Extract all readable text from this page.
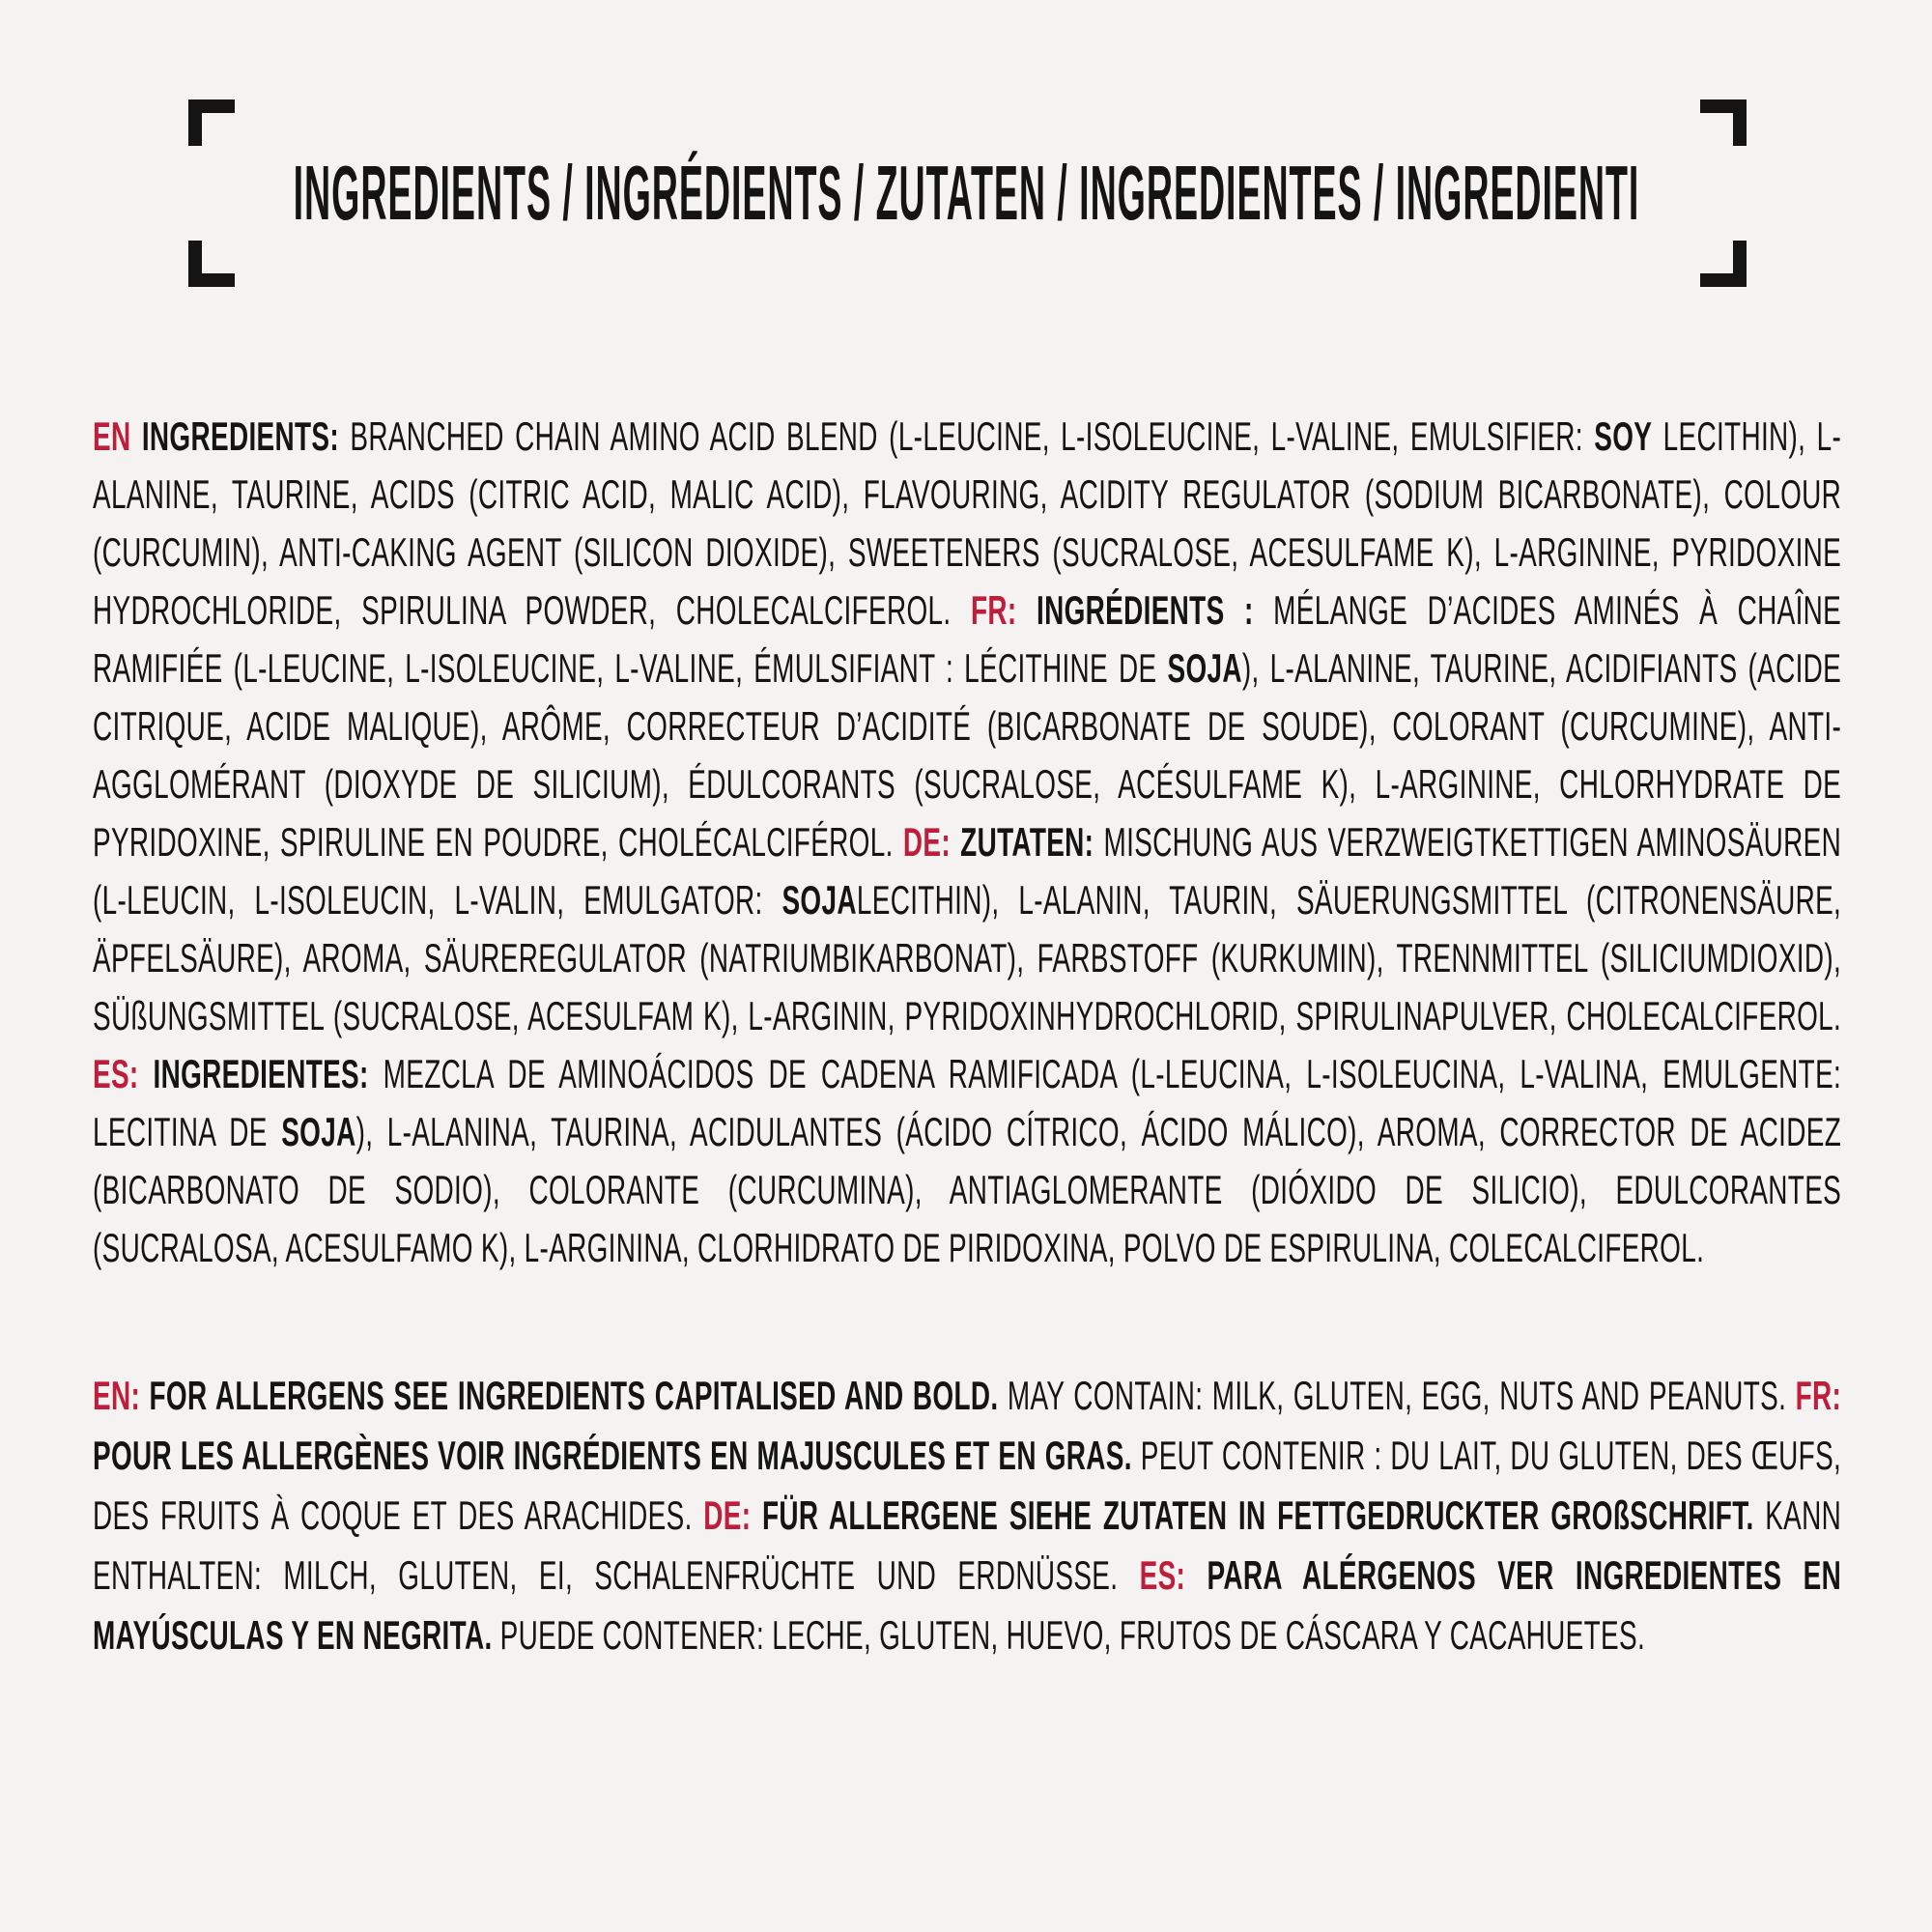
INGREDIENTS / INGRÉDIENTS / ZUTATEN / INGREDIENTES / INGREDIENTI

EN INGREDIENTS: BRANCHED CHAIN AMINO ACID BLEND (L-LEUCINE, L-ISOLEUCINE, L-VALINE, EMULSIFIER: SOY LECITHIN), L-ALANINE, TAURINE, ACIDS (CITRIC ACID, MALIC ACID), FLAVOURING, ACIDITY REGULATOR (SODIUM BICARBONATE), COLOUR (CURCUMIN), ANTI-CAKING AGENT (SILICON DIOXIDE), SWEETENERS (SUCRALOSE, ACESULFAME K), L-ARGININE, PYRIDOXINE HYDROCHLORIDE, SPIRULINA POWDER, CHOLECALCIFEROL. FR: INGRÉDIENTS : MÉLANGE D’ACIDES AMINÉS À CHAÎNE RAMIFIÉE (L-LEUCINE, L-ISOLEUCINE, L-VALINE, ÉMULSIFIANT : LÉCITHINE DE SOJA), L-ALANINE, TAURINE, ACIDIFIANTS (ACIDE CITRIQUE, ACIDE MALIQUE), ARÔME, CORRECTEUR D’ACIDITÉ (BICARBONATE DE SOUDE), COLORANT (CURCUMINE), ANTI-AGGLOMÉRANT (DIOXYDE DE SILICIUM), ÉDULCORANTS (SUCRALOSE, ACÉSULFAME K), L-ARGININE, CHLORHYDRATE DE PYRIDOXINE, SPIRULINE EN POUDRE, CHOLÉCALCIFÉROL. DE: ZUTATEN: MISCHUNG AUS VERZWEIGTKETTIGEN AMINOSÄUREN (L-LEUCIN, L-ISOLEUCIN, L-VALIN, EMULGATOR: SOJALECITHIN), L-ALANIN, TAURIN, SÄUERUNGSMITTEL (CITRONENSÄURE, ÄPFELSÄURE), AROMA, SÄUREREGULATOR (NATRIUMBIKARBONAT), FARBSTOFF (KURKUMIN), TRENNMITTEL (SILICIUMDIOXID), SÜßUNGSMITTEL (SUCRALOSE, ACESULFAM K), L-ARGININ, PYRIDOXINHYDROCHLORID, SPIRULINAPULVER, CHOLECALCIFEROL. ES: INGREDIENTES: MEZCLA DE AMINOÁCIDOS DE CADENA RAMIFICADA (L-LEUCINA, L-ISOLEUCINA, L-VALINA, EMULGENTE: LECITINA DE SOJA), L-ALANINA, TAURINA, ACIDULANTES (ÁCIDO CÍTRICO, ÁCIDO MÁLICO), AROMA, CORRECTOR DE ACIDEZ (BICARBONATO DE SODIO), COLORANTE (CURCUMINA), ANTIAGLOMERANTE (DIÓXIDO DE SILICIO), EDULCORANTES (SUCRALOSA, ACESULFAMO K), L-ARGININA, CLORHIDRATO DE PIRIDOXINA, POLVO DE ESPIRULINA, COLECALCIFEROL.

EN: FOR ALLERGENS SEE INGREDIENTS CAPITALISED AND BOLD. MAY CONTAIN: MILK, GLUTEN, EGG, NUTS AND PEANUTS. FR: POUR LES ALLERGÈNES VOIR INGRÉDIENTS EN MAJUSCULES ET EN GRAS. PEUT CONTENIR : DU LAIT, DU GLUTEN, DES ŒUFS, DES FRUITS À COQUE ET DES ARACHIDES. DE: FÜR ALLERGENE SIEHE ZUTATEN IN FETTGEDRUCKTER GROßSCHRIFT. KANN ENTHALTEN: MILCH, GLUTEN, EI, SCHALENFRÜCHTE UND ERDNÜSSE. ES: PARA ALÉRGENOS VER INGREDIENTES EN MAYÚSCULAS Y EN NEGRITA. PUEDE CONTENER: LECHE, GLUTEN, HUEVO, FRUTOS DE CÁSCARA Y CACAHUETES.
